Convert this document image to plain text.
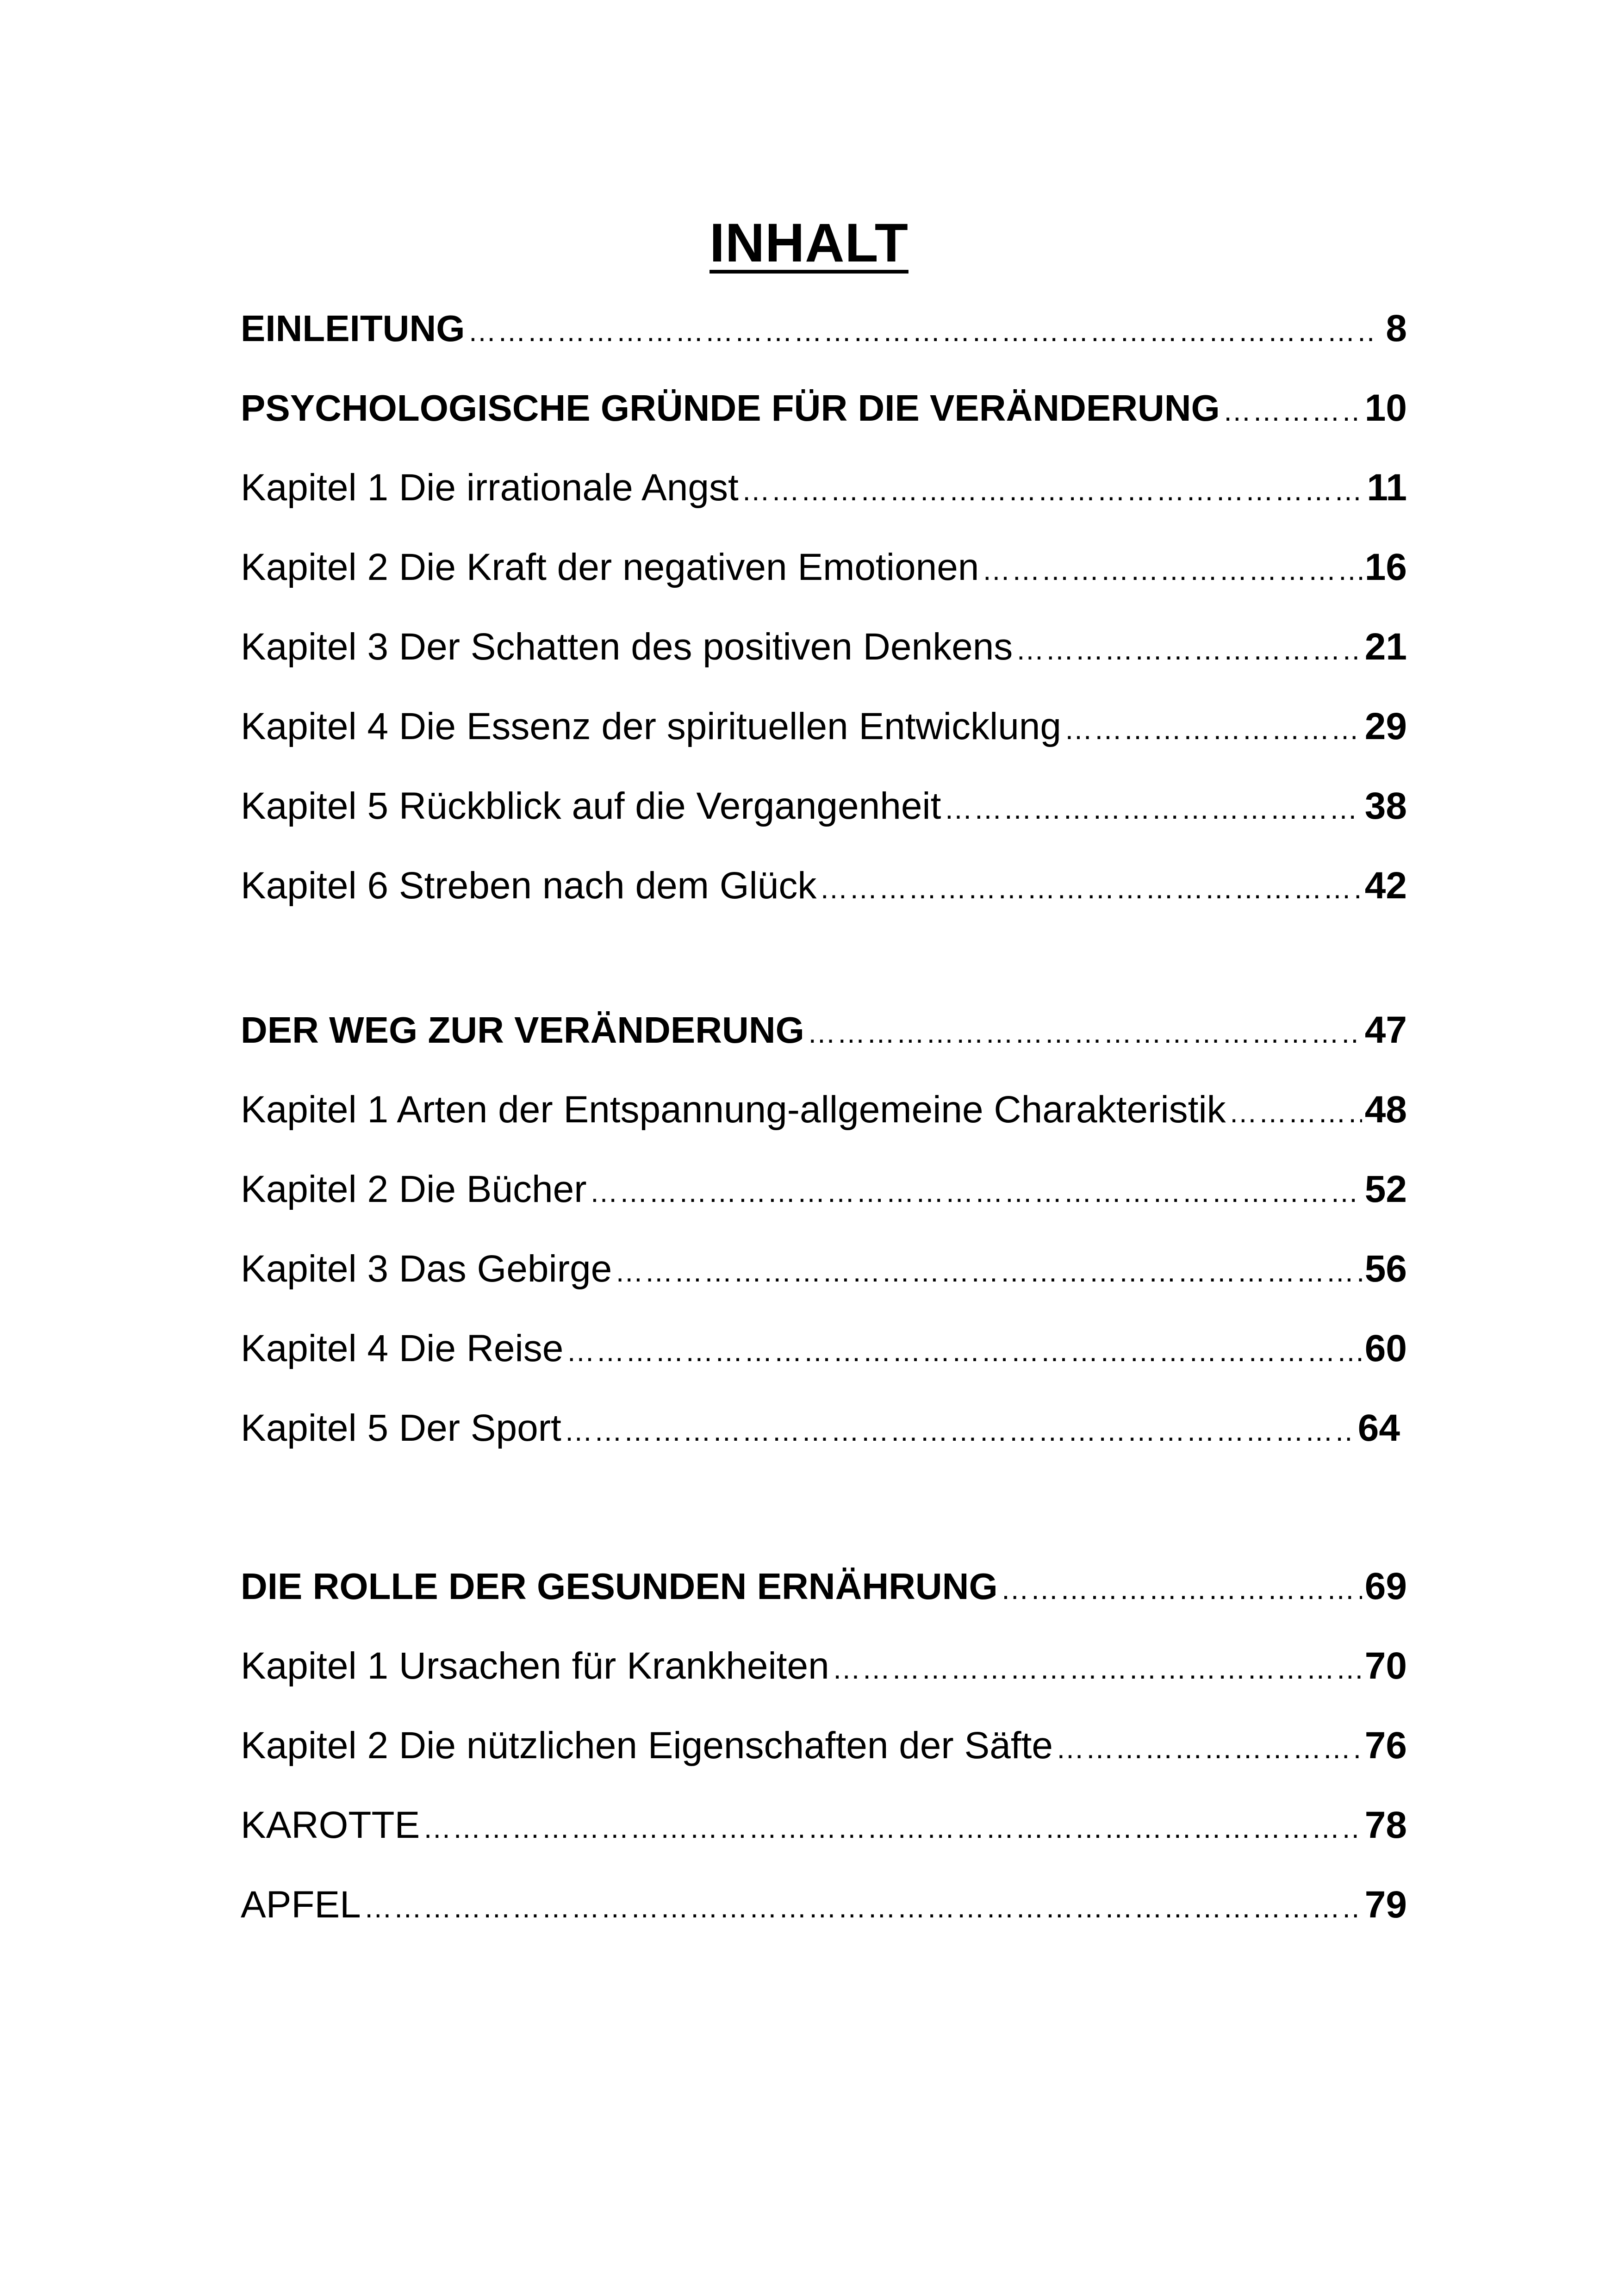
INHALT
EINLEITUNG ……………………………………………………………………………………………………………………………………………………………………………	8
PSYCHOLOGISCHE GRÜNDE FÜR DIE VERÄNDERUNG ……………………………………………………………………………………………………………………………………………………………………………	10
Kapitel 1 Die irrationale Angst ……………………………………………………………………………………………………………………………………………………………………………	11
Kapitel 2 Die Kraft der negativen Emotionen ……………………………………………………………………………………………………………………………………………………………………………	16
Kapitel 3 Der Schatten des positiven Denkens ……………………………………………………………………………………………………………………………………………………………………………	21
Kapitel 4 Die Essenz der spirituellen Entwicklung ……………………………………………………………………………………………………………………………………………………………………………	29
Kapitel 5 Rückblick auf die Vergangenheit ……………………………………………………………………………………………………………………………………………………………………………	38
Kapitel 6 Streben nach dem Glück ……………………………………………………………………………………………………………………………………………………………………………	42
DER WEG ZUR VERÄNDERUNG ……………………………………………………………………………………………………………………………………………………………………………	47
Kapitel 1 Arten der Entspannung-allgemeine Charakteristik ……………………………………………………………………………………………………………………………………………………………………………	48
Kapitel 2 Die Bücher ……………………………………………………………………………………………………………………………………………………………………………	52
Kapitel 3 Das Gebirge ……………………………………………………………………………………………………………………………………………………………………………	56
Kapitel 4 Die Reise ……………………………………………………………………………………………………………………………………………………………………………	60
Kapitel 5 Der Sport ……………………………………………………………………………………………………………………………………………………………………………	64
DIE ROLLE DER GESUNDEN ERNÄHRUNG ……………………………………………………………………………………………………………………………………………………………………………	69
Kapitel 1 Ursachen für Krankheiten ……………………………………………………………………………………………………………………………………………………………………………	70
Kapitel 2 Die nützlichen Eigenschaften der Säfte ……………………………………………………………………………………………………………………………………………………………………………	76
KAROTTE ……………………………………………………………………………………………………………………………………………………………………………	78
APFEL ……………………………………………………………………………………………………………………………………………………………………………	79
